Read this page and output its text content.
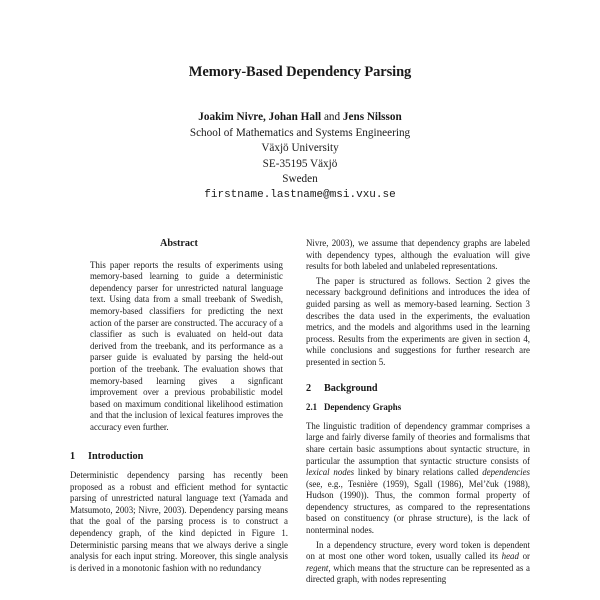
Memory-Based Dependency Parsing
Joakim Nivre, Johan Hall and Jens Nilsson
School of Mathematics and Systems Engineering
Växjö University
SE-35195 Växjö
Sweden
firstname.lastname@msi.vxu.se
Abstract

This paper reports the results of experiments using memory-based learning to guide a deterministic dependency parser for unrestricted natural language text. Using data from a small treebank of Swedish, memory-based classifiers for predicting the next action of the parser are constructed. The accuracy of a classifier as such is evaluated on held-out data derived from the treebank, and its performance as a parser guide is evaluated by parsing the held-out portion of the treebank. The evaluation shows that memory-based learning gives a signficant improvement over a previous probabilistic model based on maximum conditional likelihood estimation and that the inclusion of lexical features improves the accuracy even further.

1 Introduction

Deterministic dependency parsing has recently been proposed as a robust and efficient method for syntactic parsing of unrestricted natural language text (Yamada and Matsumoto, 2003; Nivre, 2003). Dependency parsing means that the goal of the parsing process is to construct a dependency graph, of the kind depicted in Figure 1. Deterministic parsing means that we always derive a single analysis for each input string. Moreover, this single analysis is derived in a monotonic fashion with no redundancy

Nivre, 2003), we assume that dependency graphs are labeled with dependency types, although the evaluation will give results for both labeled and unlabeled representations.

The paper is structured as follows. Section 2 gives the necessary background definitions and introduces the idea of guided parsing as well as memory-based learning. Section 3 describes the data used in the experiments, the evaluation metrics, and the models and algorithms used in the learning process. Results from the experiments are given in section 4, while conclusions and suggestions for further research are presented in section 5.

2 Background
2.1 Dependency Graphs

The linguistic tradition of dependency grammar comprises a large and fairly diverse family of theories and formalisms that share certain basic assumptions about syntactic structure, in particular the assumption that syntactic structure consists of lexical nodes linked by binary relations called dependencies (see, e.g., Tesnière (1959), Sgall (1986), Mel’čuk (1988), Hudson (1990)). Thus, the common formal property of dependency structures, as compared to the representations based on constituency (or phrase structure), is the lack of nonterminal nodes.

In a dependency structure, every word token is dependent on at most one other word token, usually called its head or regent, which means that the structure can be represented as a directed graph, with nodes representing
